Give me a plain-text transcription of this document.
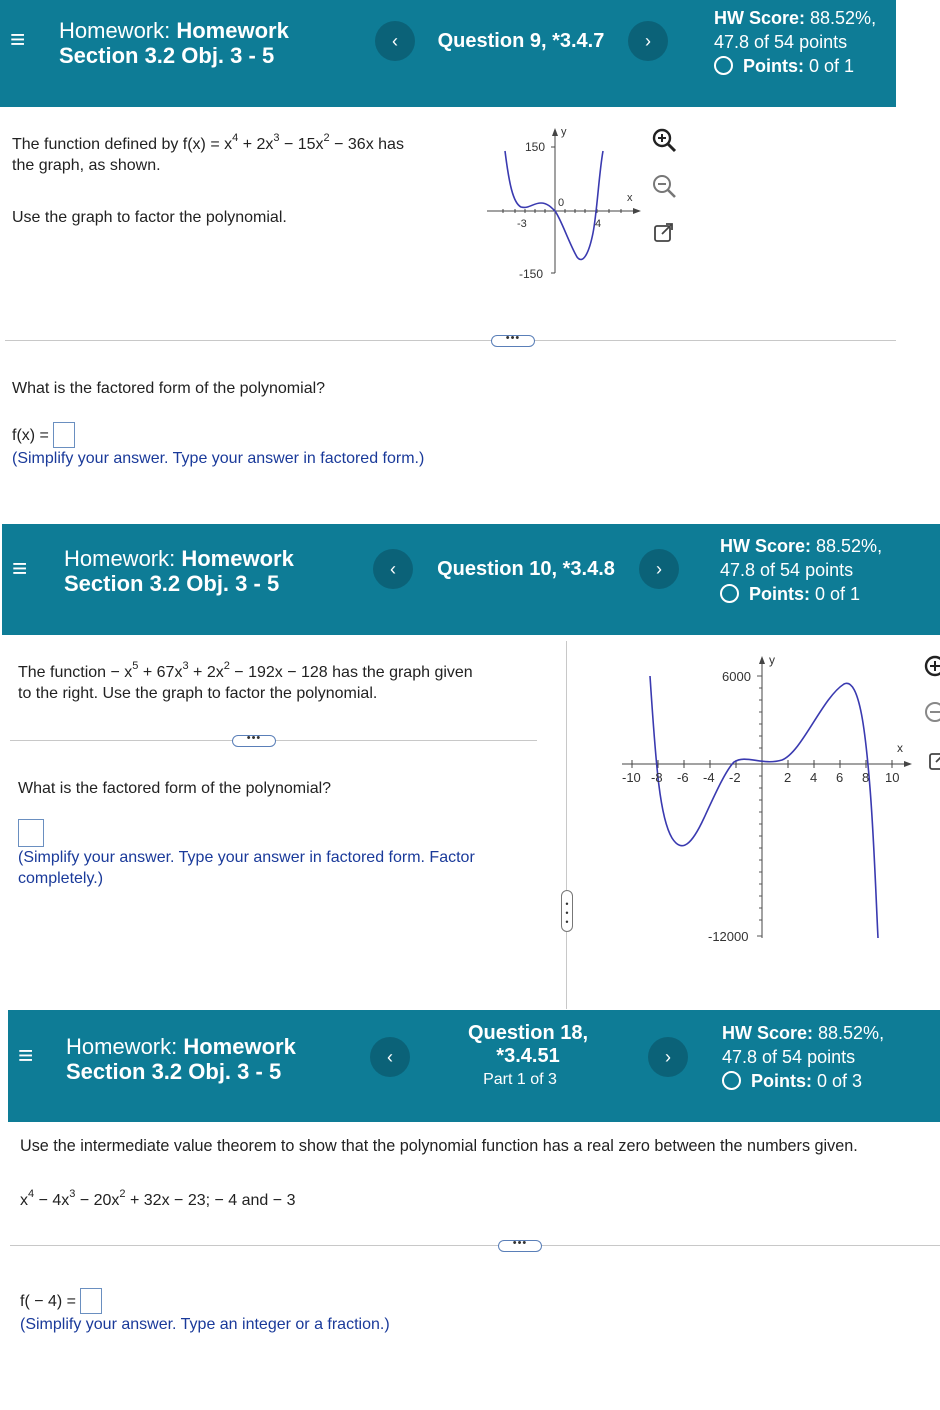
≡ Homework: Homework
Section 3.2 Obj. 3 - 5
‹	Question 9, *3.4.7	›
HW Score: 88.52%,
47.8 of 54 points
Points: 0 of 1
The function defined by $f(x) = x^4 + 2x^3 - 15x^2 - 36x$ has
the graph, as shown.
Use the graph to factor the polynomial.
y
x
150
-150
-3
0
4
•••
What is the factored form of the polynomial?
f(x) =
(Simplify your answer. Type your answer in factored form.)
≡ Homework: Homework
Section 3.2 Obj. 3 - 5
‹	Question 10, *3.4.8	›
HW Score: 88.52%,
47.8 of 54 points
Points: 0 of 1
The function − $x^5 + 67x^3 + 2x^2 - 192x - 128$ has the graph given
to the right. Use the graph to factor the polynomial.
•••
What is the factored form of the polynomial?
(Simplify your answer. Type your answer in factored form. Factor
completely.)

•
•
•
y
x
6000
-12000
-10 -8 -6 -4 -2	2 4 6 8 10
≡ Homework: Homework
Section 3.2 Obj. 3 - 5
‹
Question 18,
*3.4.51
Part 1 of 3
›
HW Score: 88.52%,
47.8 of 54 points
Points: 0 of 3
Use the intermediate value theorem to show that the polynomial function has a real zero between the numbers given.
$x^4 - 4x^3 - 20x^2 + 32x - 23$; − 4 and − 3
•••
f( − 4) =
(Simplify your answer. Type an integer or a fraction.)
